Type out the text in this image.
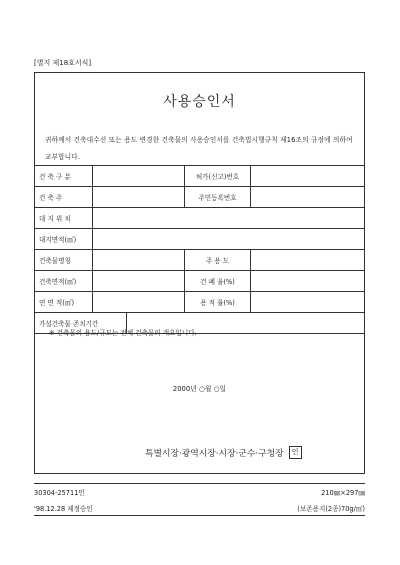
[별지 제18호서식]
사용승인서
귀하께서 건축대수선 또는 용도 변경한 건축물의 사용승인서를 건축법시행규칙 제16조의 규정에 의하여 교부합니다.
건 축 구 분	허가(신고)번호
건 축 주	주민등록번호
대 지 위 치
대지면적(㎡)
건축물명칭	주 용 도
건축면적(㎡)	건 폐 율(%)
연 면 적(㎡)	용 적 률(%)
가설건축물 존치기간
※ 건축물의 용도/규모는 전체 건축물의 개요입니다.
2000년 ○월 ○일
특별시장·광역시장·시장·군수·구청장	인
30304-25711민	210㎜×297㎜
'98.12.28 제정승인	(보존용지(2종)70g/㎡)
